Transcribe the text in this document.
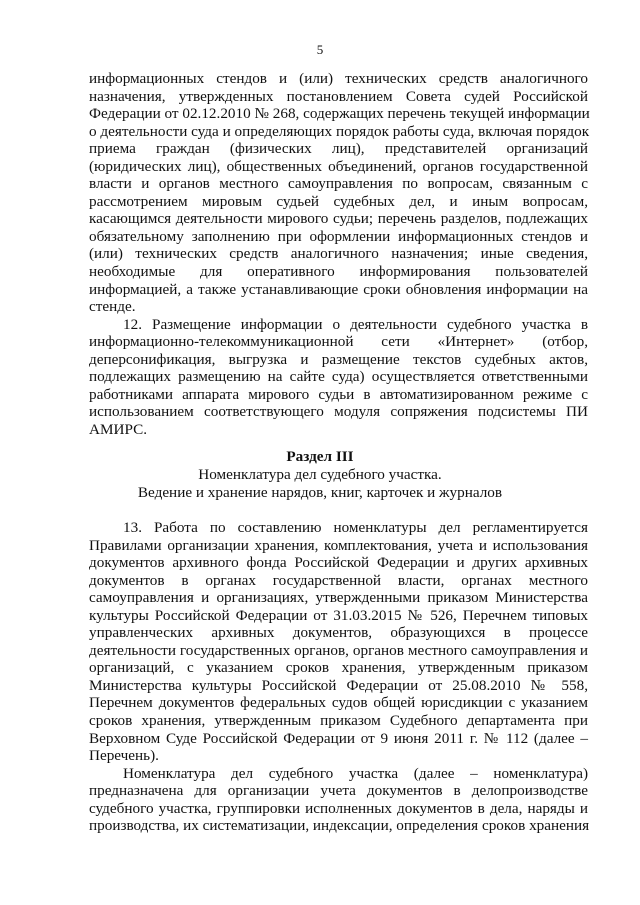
5
информационных стендов и (или) технических средств аналогичного
назначения, утвержденных постановлением Совета судей Российской
Федерации от 02.12.2010 № 268, содержащих перечень текущей информации
о деятельности суда и определяющих порядок работы суда, включая порядок
приема граждан (физических лиц), представителей организаций
(юридических лиц), общественных объединений, органов государственной
власти и органов местного самоуправления по вопросам, связанным с
рассмотрением мировым судьей судебных дел, и иным вопросам,
касающимся деятельности мирового судьи; перечень разделов, подлежащих
обязательному заполнению при оформлении информационных стендов и
(или) технических средств аналогичного назначения; иные сведения,
необходимые для оперативного информирования пользователей
информацией, а также устанавливающие сроки обновления информации на
стенде.
12. Размещение информации о деятельности судебного участка в
информационно-телекоммуникационной сети «Интернет» (отбор,
деперсонификация, выгрузка и размещение текстов судебных актов,
подлежащих размещению на сайте суда) осуществляется ответственными
работниками аппарата мирового судьи в автоматизированном режиме с
использованием соответствующего модуля сопряжения подсистемы ПИ
АМИРС.
Раздел III
Номенклатура дел судебного участка.
Ведение и хранение нарядов, книг, карточек и журналов
13. Работа по составлению номенклатуры дел регламентируется
Правилами организации хранения, комплектования, учета и использования
документов архивного фонда Российской Федерации и других архивных
документов в органах государственной власти, органах местного
самоуправления и организациях, утвержденными приказом Министерства
культуры Российской Федерации от 31.03.2015 № 526, Перечнем типовых
управленческих архивных документов, образующихся в процессе
деятельности государственных органов, органов местного самоуправления и
организаций, с указанием сроков хранения, утвержденным приказом
Министерства культуры Российской Федерации от 25.08.2010 № 558,
Перечнем документов федеральных судов общей юрисдикции с указанием
сроков хранения, утвержденным приказом Судебного департамента при
Верховном Суде Российской Федерации от 9 июня 2011 г. № 112 (далее –
Перечень).
Номенклатура дел судебного участка (далее – номенклатура)
предназначена для организации учета документов в делопроизводстве
судебного участка, группировки исполненных документов в дела, наряды и
производства, их систематизации, индексации, определения сроков хранения
